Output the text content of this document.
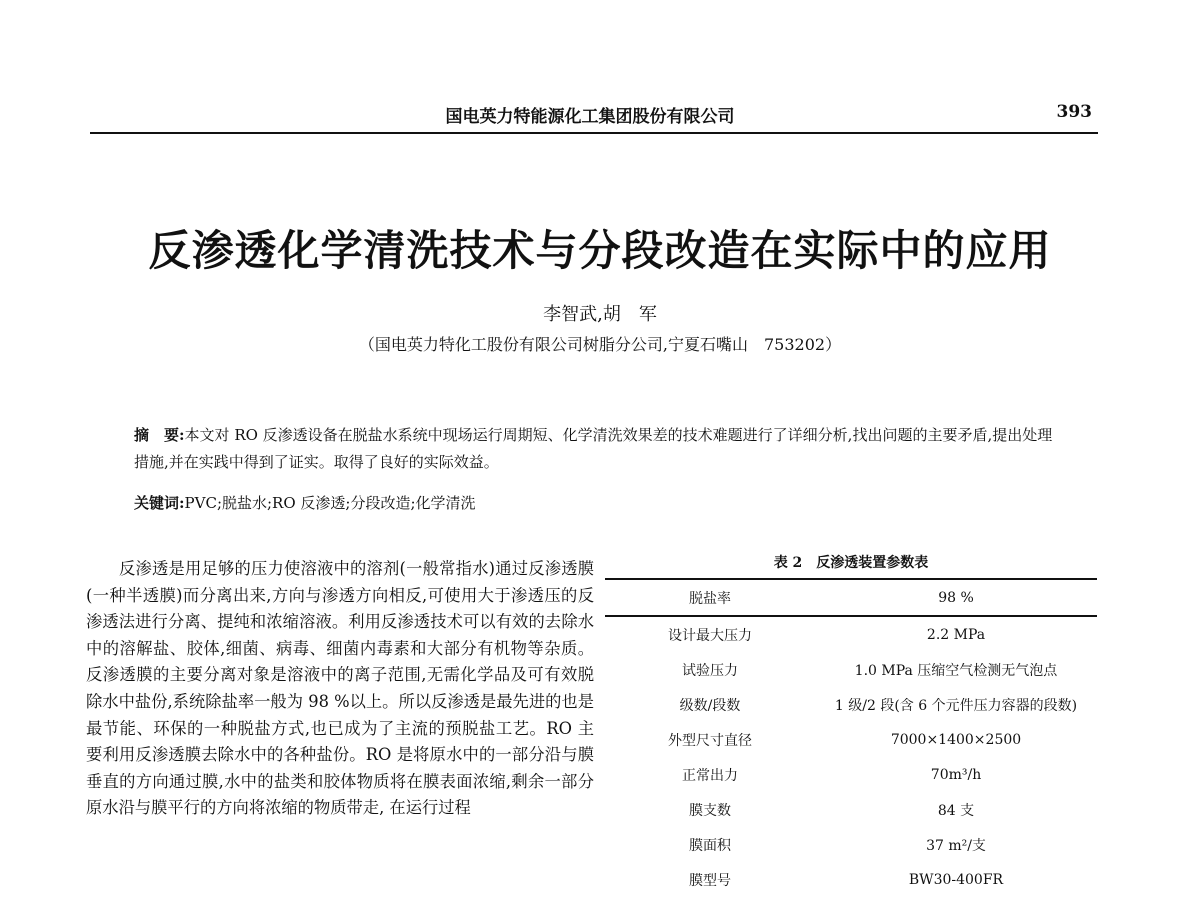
国电英力特能源化工集团股份有限公司	393
反渗透化学清洗技术与分段改造在实际中的应用
李智武,胡　军
（国电英力特化工股份有限公司树脂分公司,宁夏石嘴山　753202）
摘　要:本文对 RO 反渗透设备在脱盐水系统中现场运行周期短、化学清洗效果差的技术难题进行了详细分析,找出问题的主要矛盾,提出处理措施,并在实践中得到了证实。取得了良好的实际效益。
关键词:PVC;脱盐水;RO 反渗透;分段改造;化学清洗

反渗透是用足够的压力使溶液中的溶剂(一般常指水)通过反渗透膜(一种半透膜)而分离出来,方向与渗透方向相反,可使用大于渗透压的反渗透法进行分离、提纯和浓缩溶液。利用反渗透技术可以有效的去除水中的溶解盐、胶体,细菌、病毒、细菌内毒素和大部分有机物等杂质。反渗透膜的主要分离对象是溶液中的离子范围,无需化学品及可有效脱除水中盐份,系统除盐率一般为 98 %以上。所以反渗透是最先进的也是最节能、环保的一种脱盐方式,也已成为了主流的预脱盐工艺。RO 主要利用反渗透膜去除水中的各种盐份。RO 是将原水中的一部分沿与膜垂直的方向通过膜,水中的盐类和胶体物质将在膜表面浓缩,剩余一部分原水沿与膜平行的方向将浓缩的物质带走, 在运行过程

表 2　反渗透装置参数表
脱盐率	98 %
设计最大压力	2.2 MPa
试验压力	1.0 MPa 压缩空气检测无气泡点
级数/段数	1 级/2 段(含 6 个元件压力容器的段数)
外型尺寸直径	7000×1400×2500
正常出力	70m³/h
膜支数	84 支
膜面积	37 m²/支
膜型号	BW30-400FR
